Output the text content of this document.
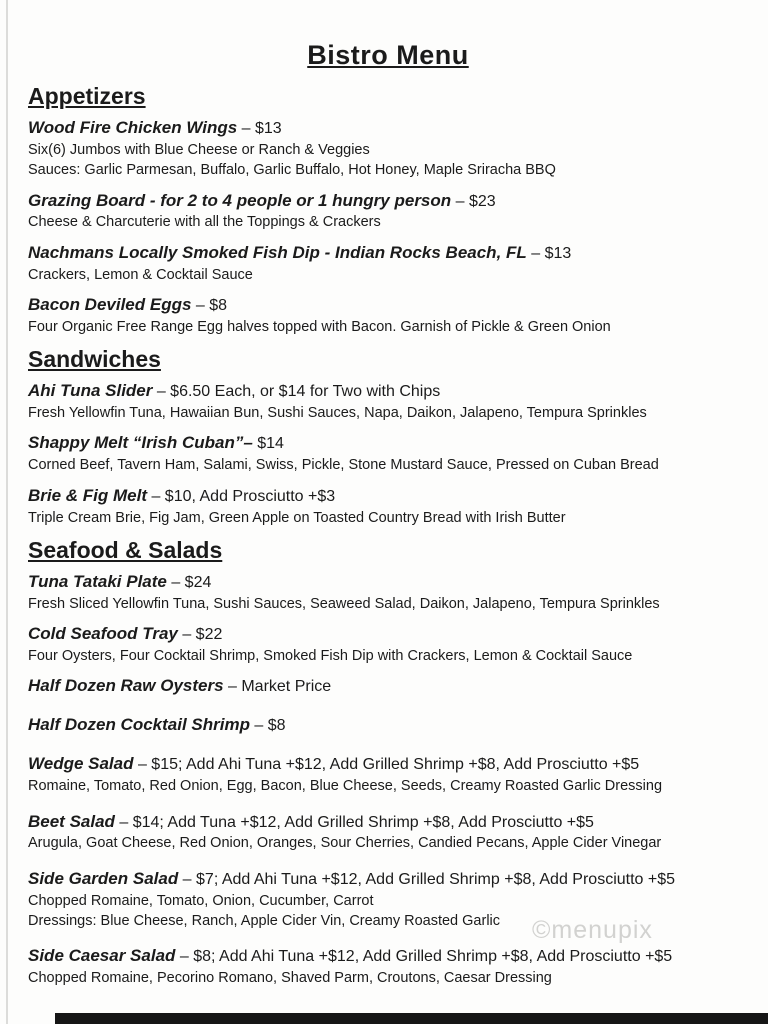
Bistro Menu
Appetizers
Wood Fire Chicken Wings – $13
Six(6) Jumbos with Blue Cheese or Ranch & Veggies
Sauces: Garlic Parmesan, Buffalo, Garlic Buffalo, Hot Honey, Maple Sriracha BBQ
Grazing Board - for 2 to 4 people or 1 hungry person – $23
Cheese & Charcuterie with all the Toppings & Crackers
Nachmans Locally Smoked Fish Dip - Indian Rocks Beach, FL – $13
Crackers, Lemon & Cocktail Sauce
Bacon Deviled Eggs – $8
Four Organic Free Range Egg halves topped with Bacon. Garnish of Pickle & Green Onion
Sandwiches
Ahi Tuna Slider – $6.50 Each, or $14 for Two with Chips
Fresh Yellowfin Tuna, Hawaiian Bun, Sushi Sauces, Napa, Daikon, Jalapeno, Tempura Sprinkles
Shappy Melt “Irish Cuban”– $14
Corned Beef, Tavern Ham, Salami, Swiss, Pickle, Stone Mustard Sauce, Pressed on Cuban Bread
Brie & Fig Melt – $10, Add Prosciutto +$3
Triple Cream Brie, Fig Jam, Green Apple on Toasted Country Bread with Irish Butter
Seafood & Salads
Tuna Tataki Plate – $24
Fresh Sliced Yellowfin Tuna, Sushi Sauces, Seaweed Salad, Daikon, Jalapeno, Tempura Sprinkles
Cold Seafood Tray – $22
Four Oysters, Four Cocktail Shrimp, Smoked Fish Dip with Crackers, Lemon & Cocktail Sauce
Half Dozen Raw Oysters – Market Price
Half Dozen Cocktail Shrimp – $8
Wedge Salad – $15; Add Ahi Tuna +$12, Add Grilled Shrimp +$8, Add Prosciutto +$5
Romaine, Tomato, Red Onion, Egg, Bacon, Blue Cheese, Seeds, Creamy Roasted Garlic Dressing
Beet Salad – $14; Add Tuna +$12, Add Grilled Shrimp +$8, Add Prosciutto +$5
Arugula, Goat Cheese, Red Onion, Oranges, Sour Cherries, Candied Pecans, Apple Cider Vinegar
Side Garden Salad – $7; Add Ahi Tuna +$12, Add Grilled Shrimp +$8, Add Prosciutto +$5
Chopped Romaine, Tomato, Onion, Cucumber, Carrot
Dressings: Blue Cheese, Ranch, Apple Cider Vin, Creamy Roasted Garlic
Side Caesar Salad – $8; Add Ahi Tuna +$12, Add Grilled Shrimp +$8, Add Prosciutto +$5
Chopped Romaine, Pecorino Romano, Shaved Parm, Croutons, Caesar Dressing
©menupix
